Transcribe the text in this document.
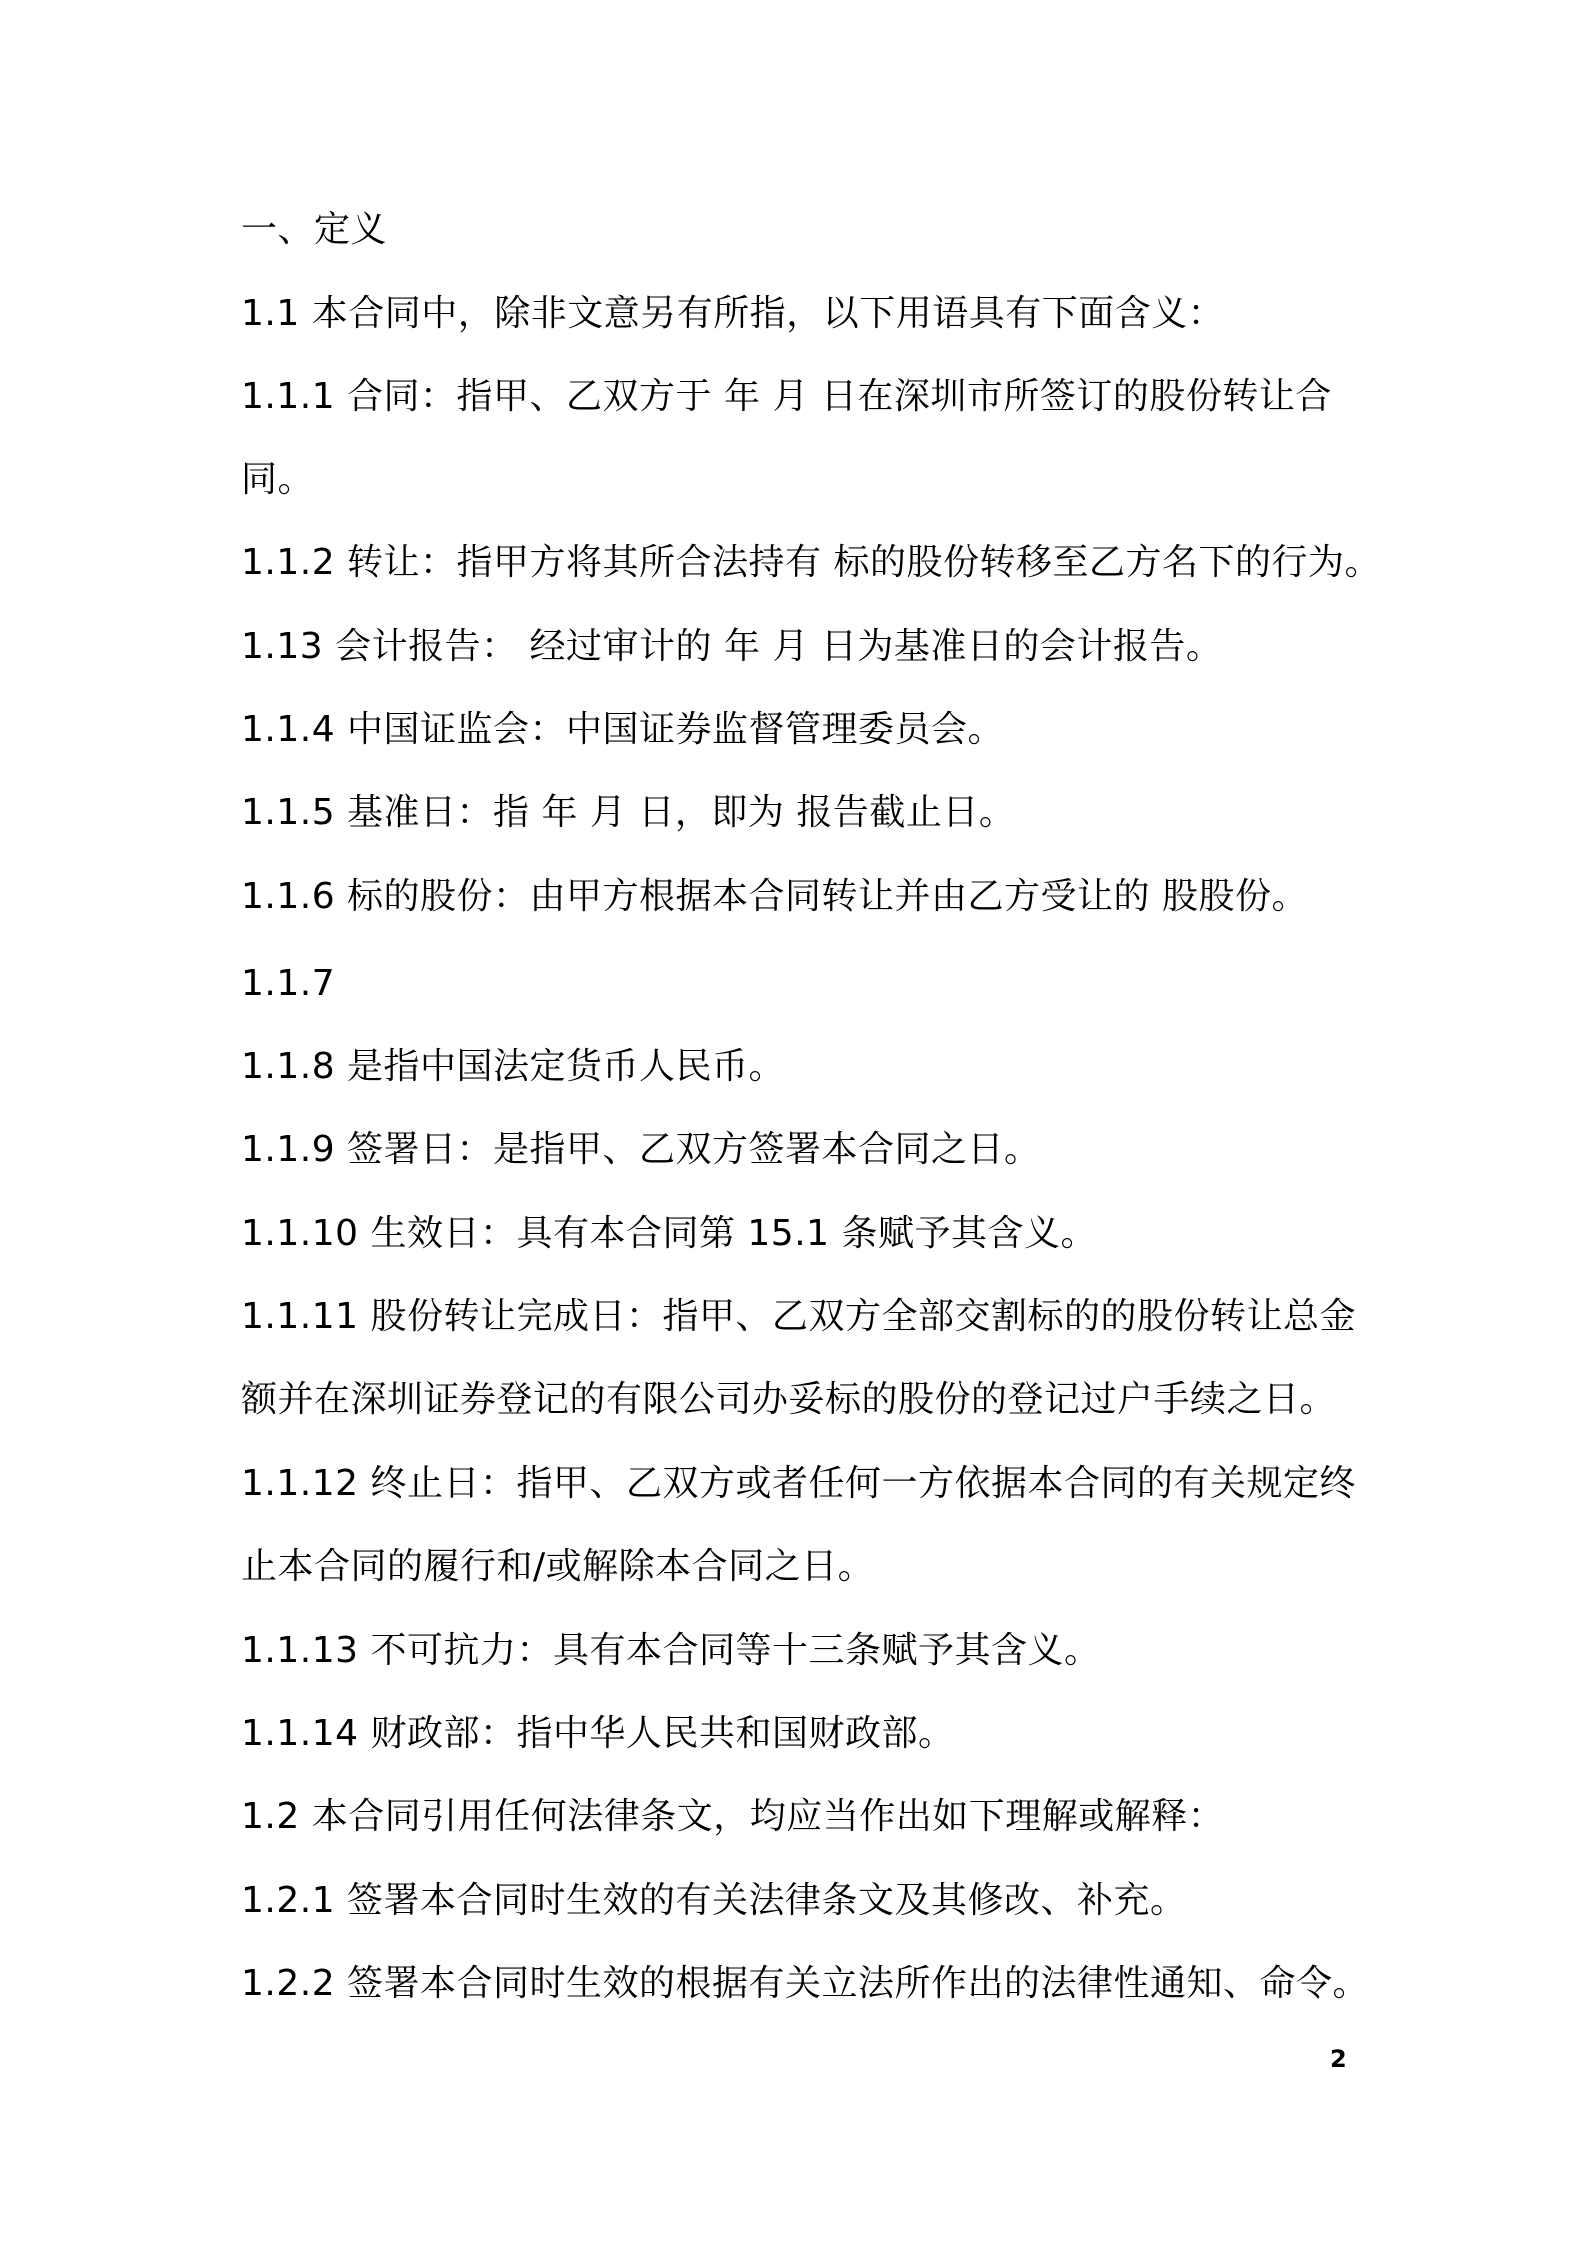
一、定义
1.1 本合同中，除非文意另有所指，以下用语具有下面含义：
1.1.1 合同：指甲、乙双方于 年 月 日在深圳市所签订的股份转让合
同。
1.1.2 转让：指甲方将其所合法持有 标的股份转移至乙方名下的行为。
1.13 会计报告： 经过审计的 年 月 日为基准日的会计报告。
1.1.4 中国证监会：中国证券监督管理委员会。
1.1.5 基准日：指 年 月 日，即为 报告截止日。
1.1.6 标的股份：由甲方根据本合同转让并由乙方受让的 股股份。
1.1.7
1.1.8 是指中国法定货币人民币。
1.1.9 签署日：是指甲、乙双方签署本合同之日。
1.1.10 生效日：具有本合同第 15.1 条赋予其含义。
1.1.11 股份转让完成日：指甲、乙双方全部交割标的的股份转让总金
额并在深圳证券登记的有限公司办妥标的股份的登记过户手续之日。
1.1.12 终止日：指甲、乙双方或者任何一方依据本合同的有关规定终
止本合同的履行和/或解除本合同之日。
1.1.13 不可抗力：具有本合同等十三条赋予其含义。
1.1.14 财政部：指中华人民共和国财政部。
1.2 本合同引用任何法律条文，均应当作出如下理解或解释：
1.2.1 签署本合同时生效的有关法律条文及其修改、补充。
1.2.2 签署本合同时生效的根据有关立法所作出的法律性通知、命令。
2
